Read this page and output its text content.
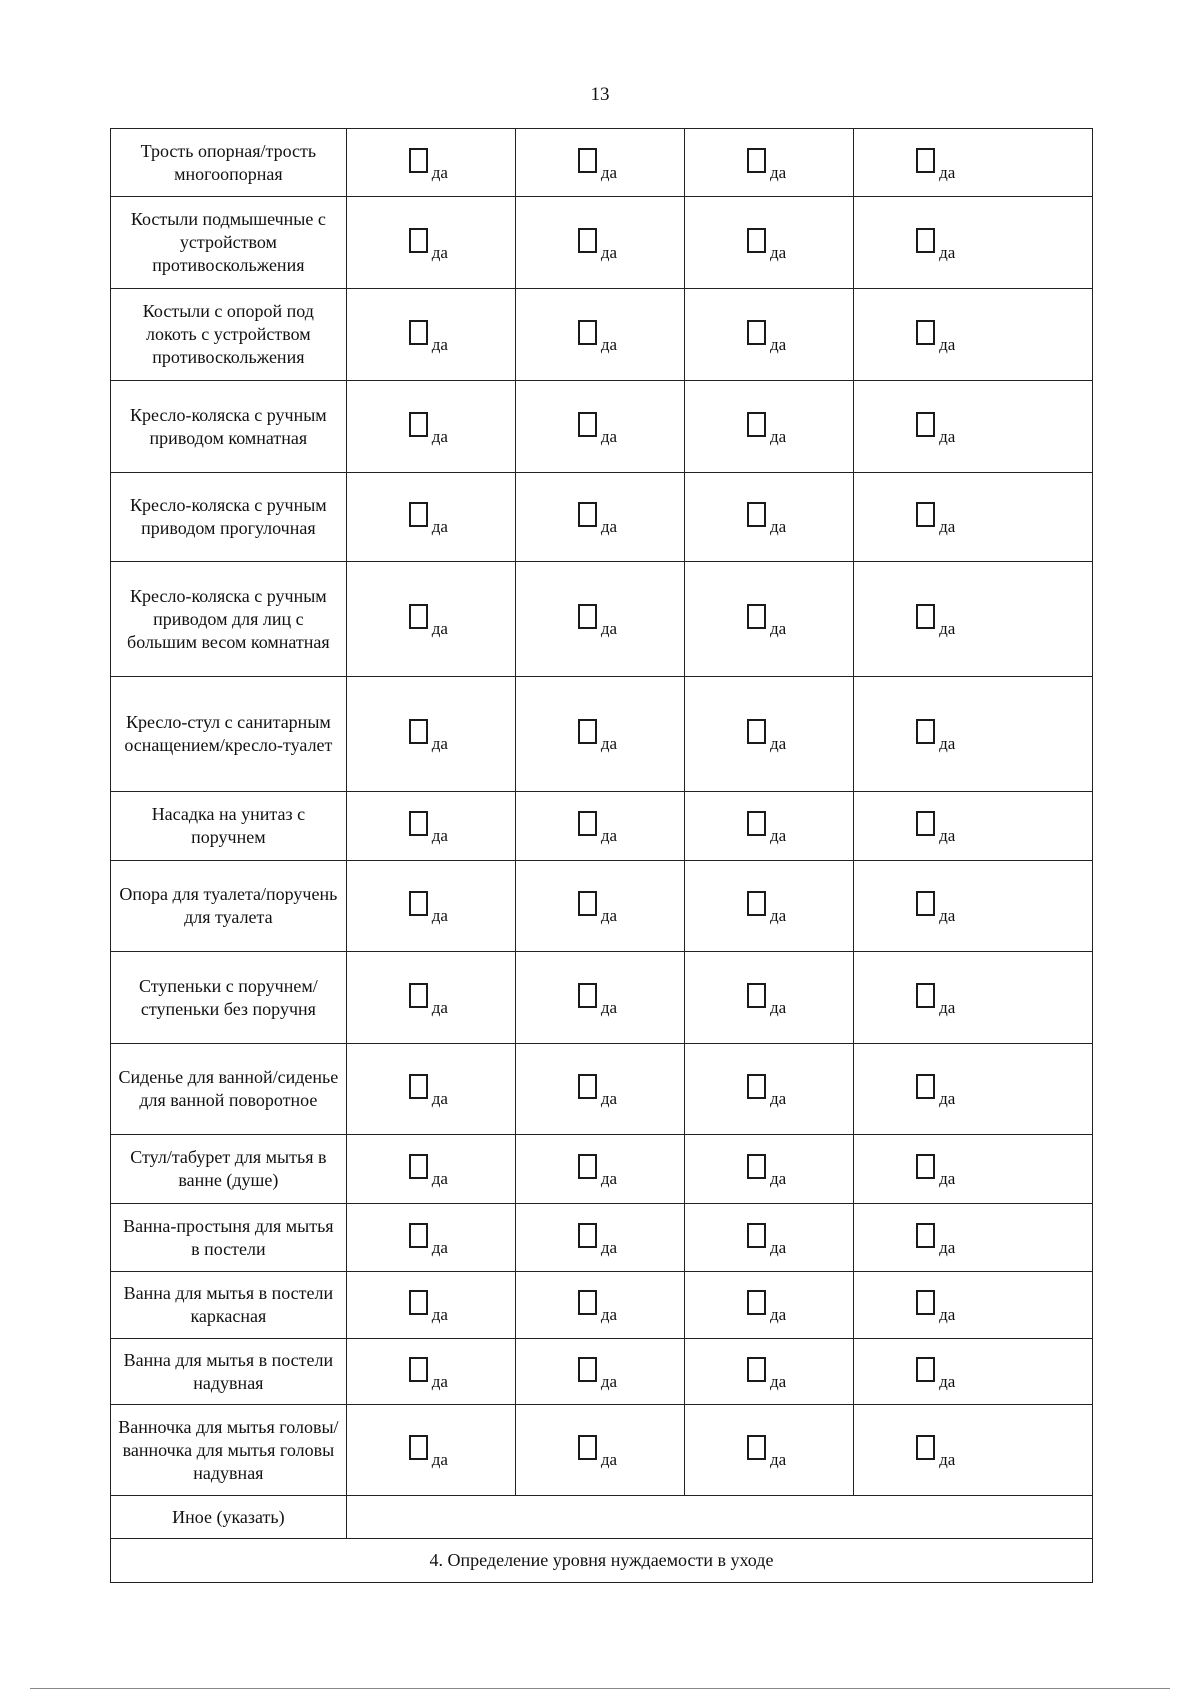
13
Трость опорная/трость многоопорная	да	да	да	да

Костыли подмышечные с устройством противоскольжения	да	да	да	да

Костыли с опорой под локоть с устройством противоскольжения	да	да	да	да

Кресло-коляска с ручным приводом комнатная	да	да	да	да

Кресло-коляска с ручным приводом прогулочная	да	да	да	да

Кресло-коляска с ручным приводом для лиц с большим весом комнатная	да	да	да	да

Кресло-стул с санитарным оснащением/кресло-туалет	да	да	да	да

Насадка на унитаз с поручнем	да	да	да	да

Опора для туалета/поручень для туалета	да	да	да	да

Ступеньки с поручнем/ступеньки без поручня	да	да	да	да

Сиденье для ванной/сиденье для ванной поворотное	да	да	да	да

Стул/табурет для мытья в ванне (душе)	да	да	да	да

Ванна-простыня для мытья в постели	да	да	да	да

Ванна для мытья в постели каркасная	да	да	да	да

Ванна для мытья в постели надувная	да	да	да	да

Ванночка для мытья головы/ванночка для мытья головы надувная	да	да	да	да

Иное (указать)				
4. Определение уровня нуждаемости в уходе				
